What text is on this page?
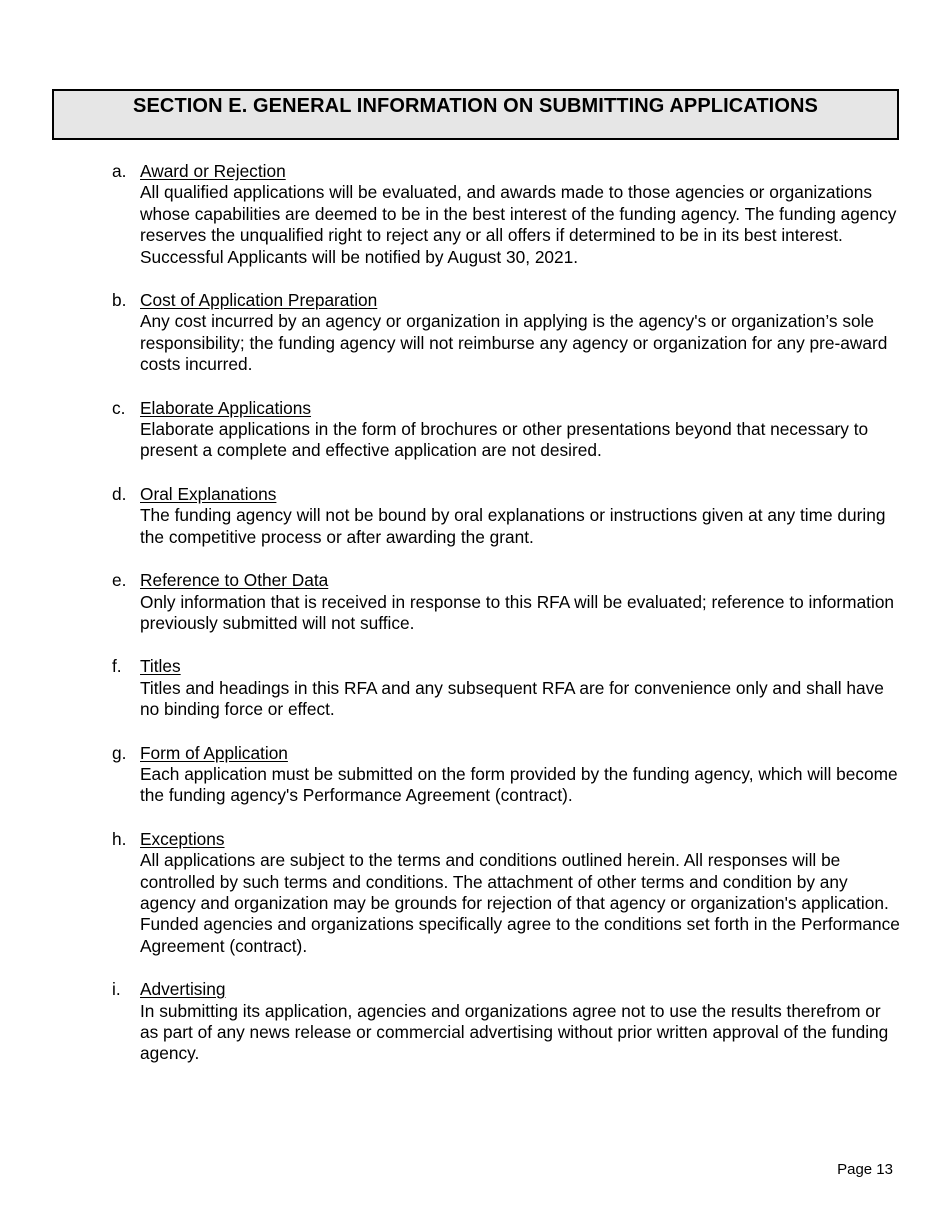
SECTION E. GENERAL INFORMATION ON SUBMITTING APPLICATIONS
a. Award or Rejection

All qualified applications will be evaluated, and awards made to those agencies or organizations whose capabilities are deemed to be in the best interest of the funding agency. The funding agency reserves the unqualified right to reject any or all offers if determined to be in its best interest. Successful Applicants will be notified by August 30, 2021.

b. Cost of Application Preparation

Any cost incurred by an agency or organization in applying is the agency's or organization’s sole responsibility; the funding agency will not reimburse any agency or organization for any pre-award costs incurred.

c. Elaborate Applications

Elaborate applications in the form of brochures or other presentations beyond that necessary to present a complete and effective application are not desired.

d. Oral Explanations

The funding agency will not be bound by oral explanations or instructions given at any time during the competitive process or after awarding the grant.

e. Reference to Other Data

Only information that is received in response to this RFA will be evaluated; reference to information previously submitted will not suffice.

f. Titles

Titles and headings in this RFA and any subsequent RFA are for convenience only and shall have no binding force or effect.

g. Form of Application

Each application must be submitted on the form provided by the funding agency, which will become the funding agency's Performance Agreement (contract).

h. Exceptions

All applications are subject to the terms and conditions outlined herein. All responses will be controlled by such terms and conditions. The attachment of other terms and condition by any agency and organization may be grounds for rejection of that agency or organization's application. Funded agencies and organizations specifically agree to the conditions set forth in the Performance Agreement (contract).

i. Advertising

In submitting its application, agencies and organizations agree not to use the results therefrom or as part of any news release or commercial advertising without prior written approval of the funding agency.

Page 13
